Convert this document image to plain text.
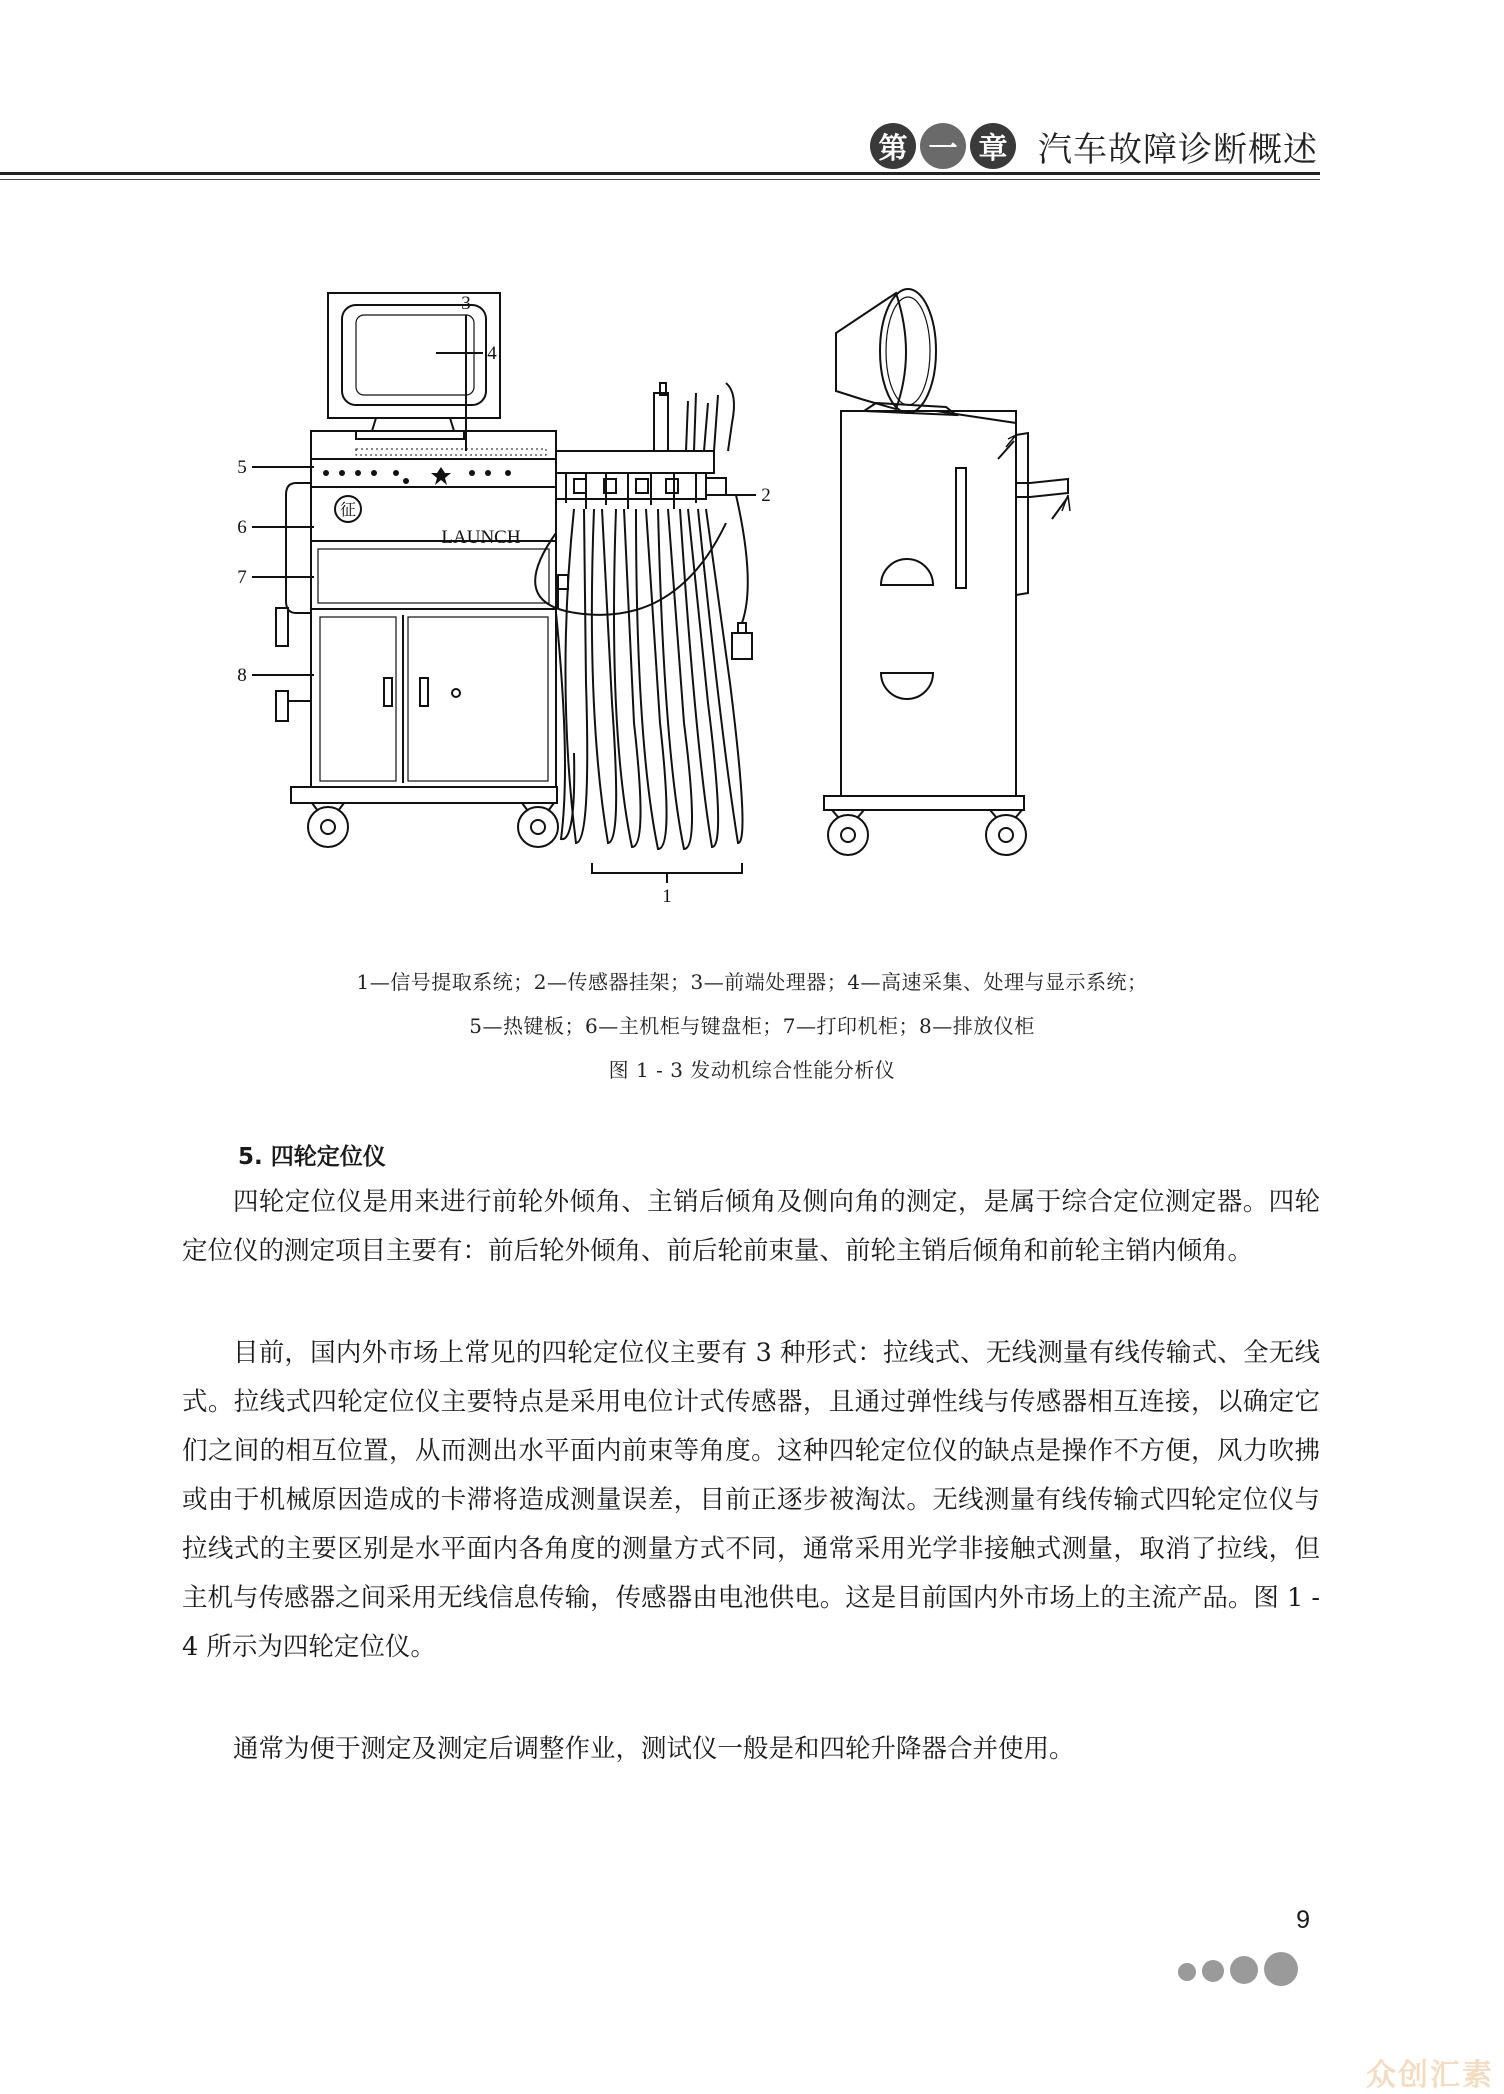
第 一 章 汽车故障诊断概述
1
2
3
4
5
6
7
8
征
LAUNCH
1—信号提取系统；2—传感器挂架；3—前端处理器；4—高速采集、处理与显示系统；
5—热键板；6—主机柜与键盘柜；7—打印机柜；8—排放仪柜
图 1 - 3 发动机综合性能分析仪
5. 四轮定位仪
四轮定位仪是用来进行前轮外倾角、主销后倾角及侧向角的测定，是属于综合定位测定器。四轮定位仪的测定项目主要有：前后轮外倾角、前后轮前束量、前轮主销后倾角和前轮主销内倾角。
目前，国内外市场上常见的四轮定位仪主要有 3 种形式：拉线式、无线测量有线传输式、全无线式。拉线式四轮定位仪主要特点是采用电位计式传感器，且通过弹性线与传感器相互连接，以确定它们之间的相互位置，从而测出水平面内前束等角度。这种四轮定位仪的缺点是操作不方便，风力吹拂或由于机械原因造成的卡滞将造成测量误差，目前正逐步被淘汰。无线测量有线传输式四轮定位仪与拉线式的主要区别是水平面内各角度的测量方式不同，通常采用光学非接触式测量，取消了拉线，但主机与传感器之间采用无线信息传输，传感器由电池供电。这是目前国内外市场上的主流产品。图 1 - 4 所示为四轮定位仪。
通常为便于测定及测定后调整作业，测试仪一般是和四轮升降器合并使用。
9
众创汇素
